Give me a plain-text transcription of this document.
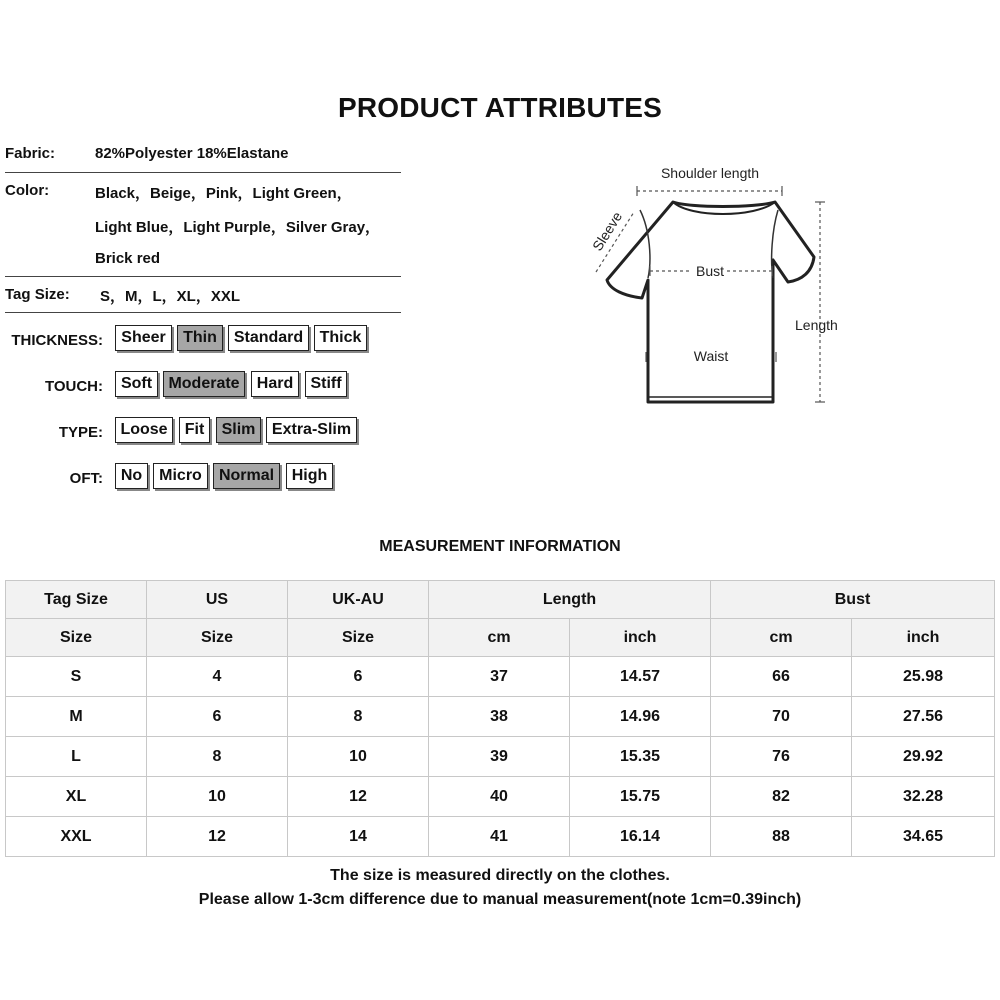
PRODUCT ATTRIBUTES
Fabric:	82%Polyester 18%Elastane
Color:	Black，Beige，Pink，Light Green，
Light Blue，Light Purple，Silver Gray，
Brick red
Tag Size: S，M，L，XL，XXL
THICKNESS:	Sheer	Thin	Standard	Thick
TOUCH:	Soft	Moderate	Hard	Stiff
TYPE:	Loose	Fit	Slim	Extra-Slim
OFT:	No	Micro	Normal	High
Shoulder length
Sleeve
Bust
Waist
Length
MEASUREMENT INFORMATION
Tag Size	US	UK-AU	Length		Bust	
Size	Size	Size	cm	inch	cm	inch
S	4	6	37	14.57	66	25.98
M	6	8	38	14.96	70	27.56
L	8	10	39	15.35	76	29.92
XL	10	12	40	15.75	82	32.28
XXL	12	14	41	16.14	88	34.65
The size is measured directly on the clothes.
Please allow 1-3cm difference due to manual measurement(note 1cm=0.39inch)
